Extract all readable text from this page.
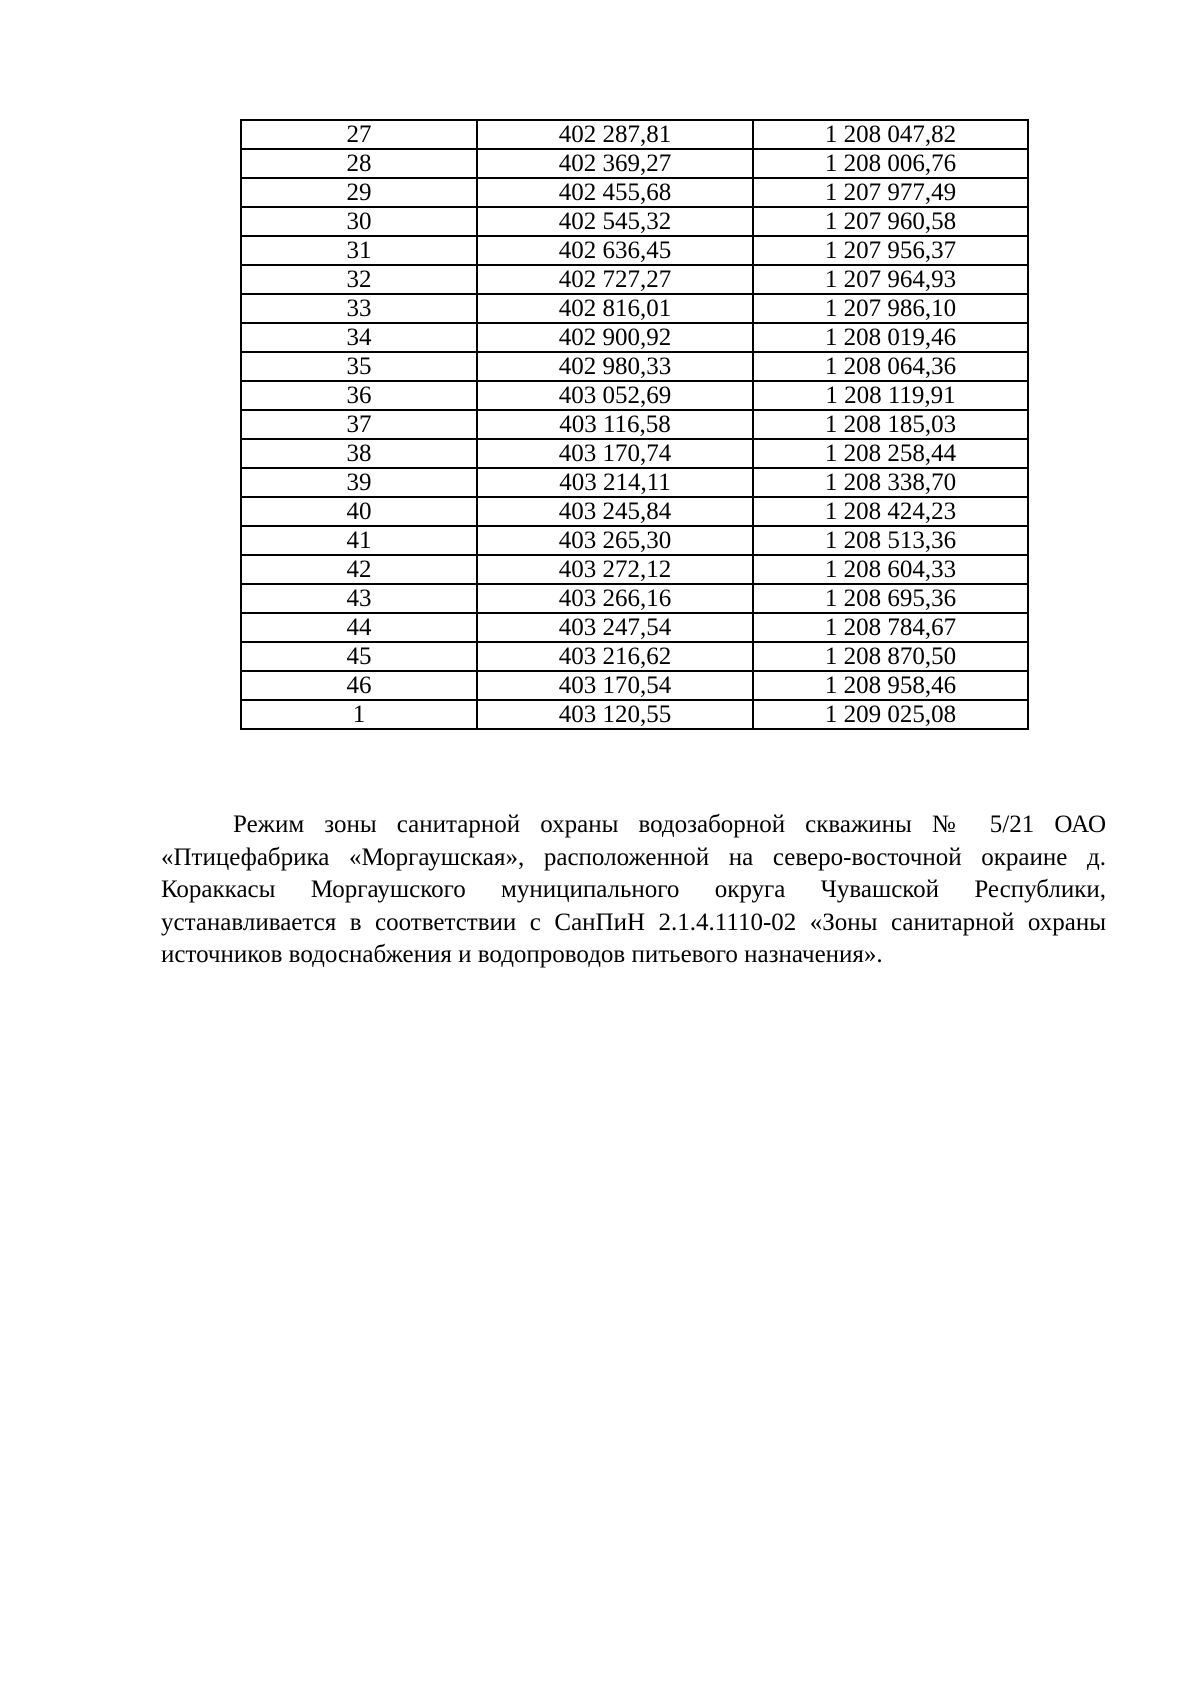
27	402 287,81	1 208 047,82
28	402 369,27	1 208 006,76
29	402 455,68	1 207 977,49
30	402 545,32	1 207 960,58
31	402 636,45	1 207 956,37
32	402 727,27	1 207 964,93
33	402 816,01	1 207 986,10
34	402 900,92	1 208 019,46
35	402 980,33	1 208 064,36
36	403 052,69	1 208 119,91
37	403 116,58	1 208 185,03
38	403 170,74	1 208 258,44
39	403 214,11	1 208 338,70
40	403 245,84	1 208 424,23
41	403 265,30	1 208 513,36
42	403 272,12	1 208 604,33
43	403 266,16	1 208 695,36
44	403 247,54	1 208 784,67
45	403 216,62	1 208 870,50
46	403 170,54	1 208 958,46
1	403 120,55	1 209 025,08

Режим зоны санитарной охраны водозаборной скважины № 5/21 ОАО «Птицефабрика «Моргаушская», расположенной на северо-восточной окраине д. Кораккасы Моргаушского муниципального округа Чувашской Республики, устанавливается в соответствии с СанПиН 2.1.4.1110-02 «Зоны санитарной охраны источников водоснабжения и водопроводов питьевого назначения».
